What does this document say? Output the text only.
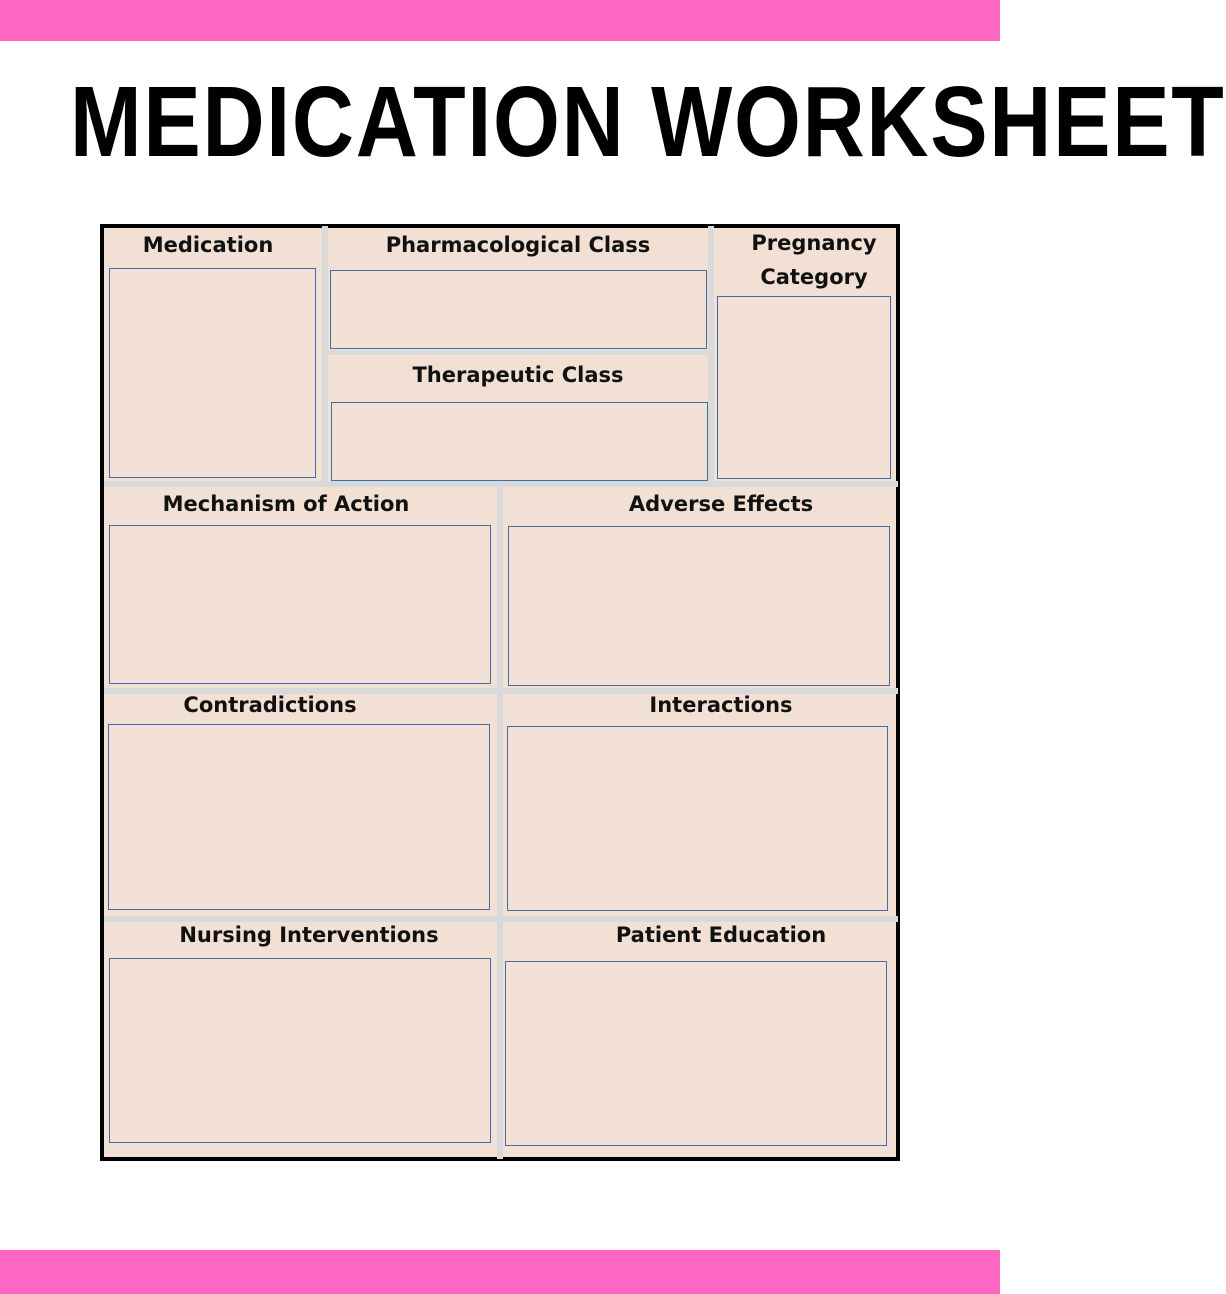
MEDICATION WORKSHEET
Medication	Pharmacological Class
Therapeutic Class
Pregnancy Category
Mechanism of Action	Adverse Effects
Contradictions	Interactions
Nursing Interventions	Patient Education
